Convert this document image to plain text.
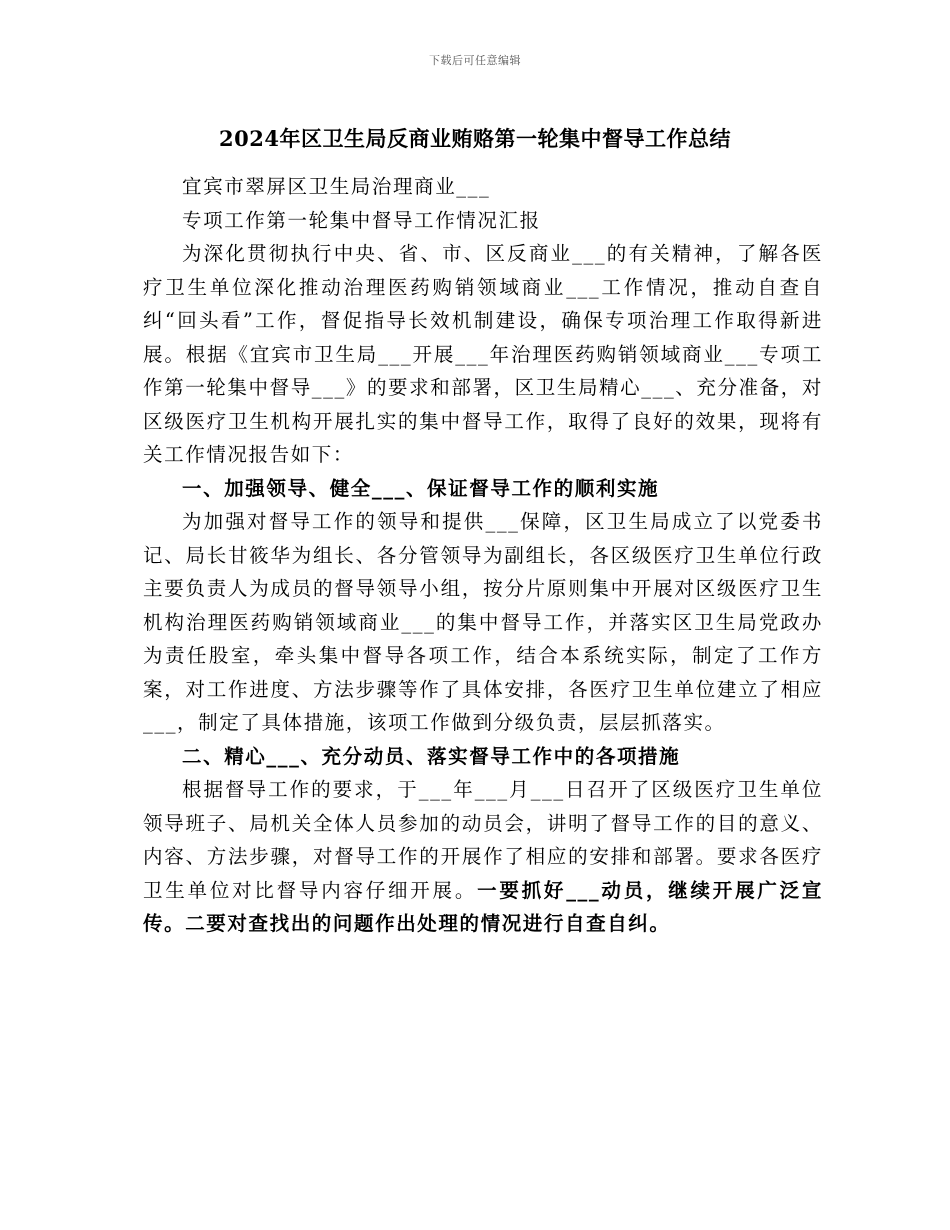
下载后可任意编辑
2024年区卫生局反商业贿赂第一轮集中督导工作总结

宜宾市翠屏区卫生局治理商业___

专项工作第一轮集中督导工作情况汇报

为深化贯彻执行中央、省、市、区反商业___的有关精神，了解各医疗卫生单位深化推动治理医药购销领域商业___工作情况，推动自查自纠“回头看”工作，督促指导长效机制建设，确保专项治理工作取得新进展。根据《宜宾市卫生局___开展___年治理医药购销领域商业___专项工作第一轮集中督导___》的要求和部署，区卫生局精心___、充分准备，对区级医疗卫生机构开展扎实的集中督导工作，取得了良好的效果，现将有关工作情况报告如下：

一、加强领导、健全___、保证督导工作的顺利实施

为加强对督导工作的领导和提供___保障，区卫生局成立了以党委书记、局长甘筱华为组长、各分管领导为副组长，各区级医疗卫生单位行政主要负责人为成员的督导领导小组，按分片原则集中开展对区级医疗卫生机构治理医药购销领域商业___的集中督导工作，并落实区卫生局党政办为责任股室，牵头集中督导各项工作，结合本系统实际，制定了工作方案，对工作进度、方法步骤等作了具体安排，各医疗卫生单位建立了相应___，制定了具体措施，该项工作做到分级负责，层层抓落实。

二、精心___、充分动员、落实督导工作中的各项措施

根据督导工作的要求，于___年___月___日召开了区级医疗卫生单位领导班子、局机关全体人员参加的动员会，讲明了督导工作的目的意义、内容、方法步骤，对督导工作的开展作了相应的安排和部署。要求各医疗卫生单位对比督导内容仔细开展。一要抓好___动员，继续开展广泛宣传。二要对查找出的问题作出处理的情况进行自查自纠。
